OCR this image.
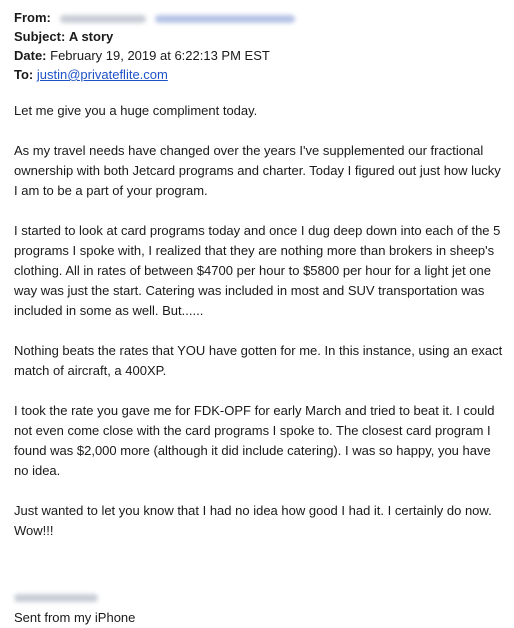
From:
Subject: A story
Date: February 19, 2019 at 6:22:13 PM EST
To: justin@privateflite.com

Let me give you a huge compliment today.

As my travel needs have changed over the years I've supplemented our fractional ownership with both Jetcard programs and charter. Today I figured out just how lucky I am to be a part of your program.

I started to look at card programs today and once I dug deep down into each of the 5 programs I spoke with, I realized that they are nothing more than brokers in sheep's clothing. All in rates of between $4700 per hour to $5800 per hour for a light jet one way was just the start. Catering was included in most and SUV transportation was included in some as well. But......

Nothing beats the rates that YOU have gotten for me. In this instance, using an exact match of aircraft, a 400XP.

I took the rate you gave me for FDK-OPF for early March and tried to beat it. I could not even come close with the card programs I spoke to. The closest card program I found was $2,000 more (although it did include catering). I was so happy, you have no idea.

Just wanted to let you know that I had no idea how good I had it. I certainly do now. Wow!!!

Sent from my iPhone
